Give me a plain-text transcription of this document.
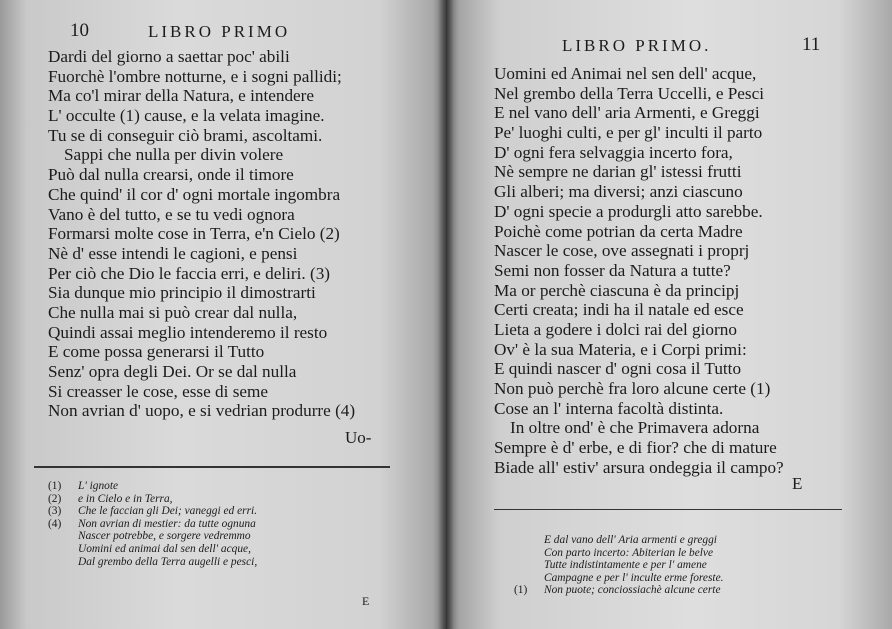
10	LIBRO PRIMO
Dardi del giorno a saettar poc' abili
Fuorchè l'ombre notturne, e i sogni pallidi;
Ma co'l mirar della Natura, e intendere
L' occulte (1) cause, e la velata imagine.
Tu se di conseguir ciò brami, ascoltami.
Sappi che nulla per divin volere
Può dal nulla crearsi, onde il timore
Che quind' il cor d' ogni mortale ingombra
Vano è del tutto, e se tu vedi ognora
Formarsi molte cose in Terra, e'n Cielo (2)
Nè d' esse intendi le cagioni, e pensi
Per ciò che Dio le faccia erri, e deliri. (3)
Sia dunque mio principio il dimostrarti
Che nulla mai si può crear dal nulla,
Quindi assai meglio intenderemo il resto
E come possa generarsi il Tutto
Senz' opra degli Dei. Or se dal nulla
Si creasser le cose, esse di seme
Non avrian d' uopo, e si vedrian produrre (4)
Uo-
(1) L' ignote
(2) e in Cielo e in Terra,
(3) Che le faccian gli Dei; vaneggi ed erri.
(4) Non avrian di mestier: da tutte ognuna
Nascer potrebbe, e sorgere vedremmo
Uomini ed animai dal sen dell' acque,
Dal grembo della Terra augelli e pesci,
E
LIBRO PRIMO.	11
Uomini ed Animai nel sen dell' acque,
Nel grembo della Terra Uccelli, e Pesci
E nel vano dell' aria Armenti, e Greggi
Pe' luoghi culti, e per gl' inculti il parto
D' ogni fera selvaggia incerto fora,
Nè sempre ne darian gl' istessi frutti
Gli alberi; ma diversi; anzi ciascuno
D' ogni specie a produrgli atto sarebbe.
Poichè come potrian da certa Madre
Nascer le cose, ove assegnati i proprj
Semi non fosser da Natura a tutte?
Ma or perchè ciascuna è da principj
Certi creata; indi ha il natale ed esce
Lieta a godere i dolci rai del giorno
Ov' è la sua Materia, e i Corpi primi:
E quindi nascer d' ogni cosa il Tutto
Non può perchè fra loro alcune certe (1)
Cose an l' interna facoltà distinta.
In oltre ond' è che Primavera adorna
Sempre è d' erbe, e di fior? che di mature
Biade all' estiv' arsura ondeggia il campo?
E
E dal vano dell' Aria armenti e greggi
Con parto incerto: Abiterian le belve
Tutte indistintamente e per l' amene
Campagne e per l' inculte erme foreste.
(1) Non puote; conciossiachè alcune certe
